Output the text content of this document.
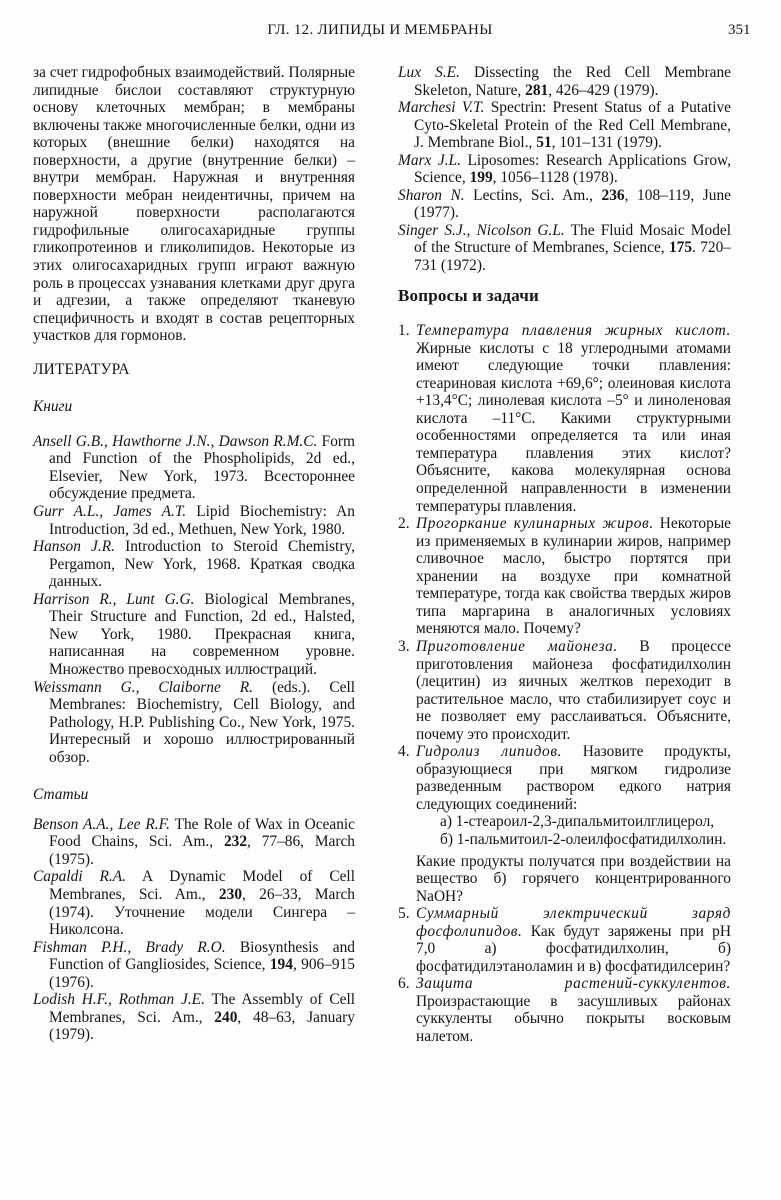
ГЛ. 12. ЛИПИДЫ И МЕМБРАНЫ	351

за счет гидрофобных взаимодействий. Полярные липидные бислои составляют структурную основу клеточных мембран; в мембраны включены также многочисленные белки, одни из которых (внешние белки) находятся на поверхности, а другие (внутренние белки) – внутри мембран. Наружная и внутренняя поверхности мебран неидентичны, причем на наружной поверхности располагаются гидрофильные олигосахаридные группы гликопротеинов и гликолипидов. Некоторые из этих олигосахаридных групп играют важную роль в процессах узнавания клетками друг друга и адгезии, а также определяют тканевую специфичность и входят в состав рецепторных участков для гормонов.

ЛИТЕРАТУРА
Книги

Ansell G.B., Hawthorne J.N., Dawson R.M.C. Form and Function of the Phospholipids, 2d ed., Elsevier, New York, 1973. Всестороннее обсуждение предмета.

Gurr A.L., James A.T. Lipid Biochemistry: An Introduction, 3d ed., Methuen, New York, 1980.

Hanson J.R. Introduction to Steroid Chemistry, Pergamon, New York, 1968. Краткая сводка данных.

Harrison R., Lunt G.G. Biological Membranes, Their Structure and Function, 2d ed., Halsted, New York, 1980. Прекрасная книга, написанная на современном уровне. Множество превосходных иллюстраций.

Weissmann G., Claiborne R. (eds.). Cell Membranes: Biochemistry, Cell Biology, and Pathology, H.P. Publishing Co., New York, 1975. Интересный и хорошо иллюстрированный обзор.

Статьи

Benson A.A., Lee R.F. The Role of Wax in Oceanic Food Chains, Sci. Am., 232, 77–86, March (1975).

Capaldi R.A. A Dynamic Model of Cell Membranes, Sci. Am., 230, 26–33, March (1974). Уточнение модели Сингера – Николсона.

Fishman P.H., Brady R.O. Biosynthesis and Function of Gangliosides, Science, 194, 906–915 (1976).

Lodish H.F., Rothman J.E. The Assembly of Cell Membranes, Sci. Am., 240, 48–63, January (1979).

Lux S.E. Dissecting the Red Cell Membrane Skeleton, Nature, 281, 426–429 (1979).

Marchesi V.T. Spectrin: Present Status of a Putative Cyto-Skeletal Protein of the Red Cell Membrane, J. Membrane Biol., 51, 101–131 (1979).

Marx J.L. Liposomes: Research Applications Grow, Science, 199, 1056–1128 (1978).

Sharon N. Lectins, Sci. Am., 236, 108–119, June (1977).

Singer S.J., Nicolson G.L. The Fluid Mosaic Model of the Structure of Membranes, Science, 175. 720–731 (1972).

Вопросы и задачи

1. Температура плавления жирных кислот. Жирные кислоты с 18 углеродными атомами имеют следующие точки плавления: стеариновая кислота +69,6°; олеиновая кислота +13,4°С; линолевая кислота –5° и линоленовая кислота –11°С. Какими структурными особенностями определяется та или иная температура плавления этих кислот? Объясните, какова молекулярная основа определенной направленности в изменении температуры плавления.

2. Прогоркание кулинарных жиров. Некоторые из применяемых в кулинарии жиров, например сливочное масло, быстро портятся при хранении на воздухе при комнатной температуре, тогда как свойства твердых жиров типа маргарина в аналогичных условиях меняются мало. Почему?

3. Приготовление майонеза. В процессе приготовления майонеза фосфатидилхолин (лецитин) из яичных желтков переходит в растительное масло, что стабилизирует соус и не позволяет ему расслаиваться. Объясните, почему это происходит.

4. Гидролиз липидов. Назовите продукты, образующиеся при мягком гидролизе разведенным раствором едкого натрия следующих соединений:

а) 1-стеароил-2,3-дипальмитоилглицерол,

б) 1-пальмитоил-2-олеилфосфатидилхолин.

Какие продукты получатся при воздействии на вещество б) горячего концентрированного NaOH?

5. Суммарный электрический заряд фосфолипидов. Как будут заряжены при pH 7,0 а) фосфатидилхолин, б) фосфатидилэтаноламин и в) фосфатидилсерин?

6. Защита растений-суккулентов. Произрастающие в засушливых районах суккуленты обычно покрыты восковым налетом.
